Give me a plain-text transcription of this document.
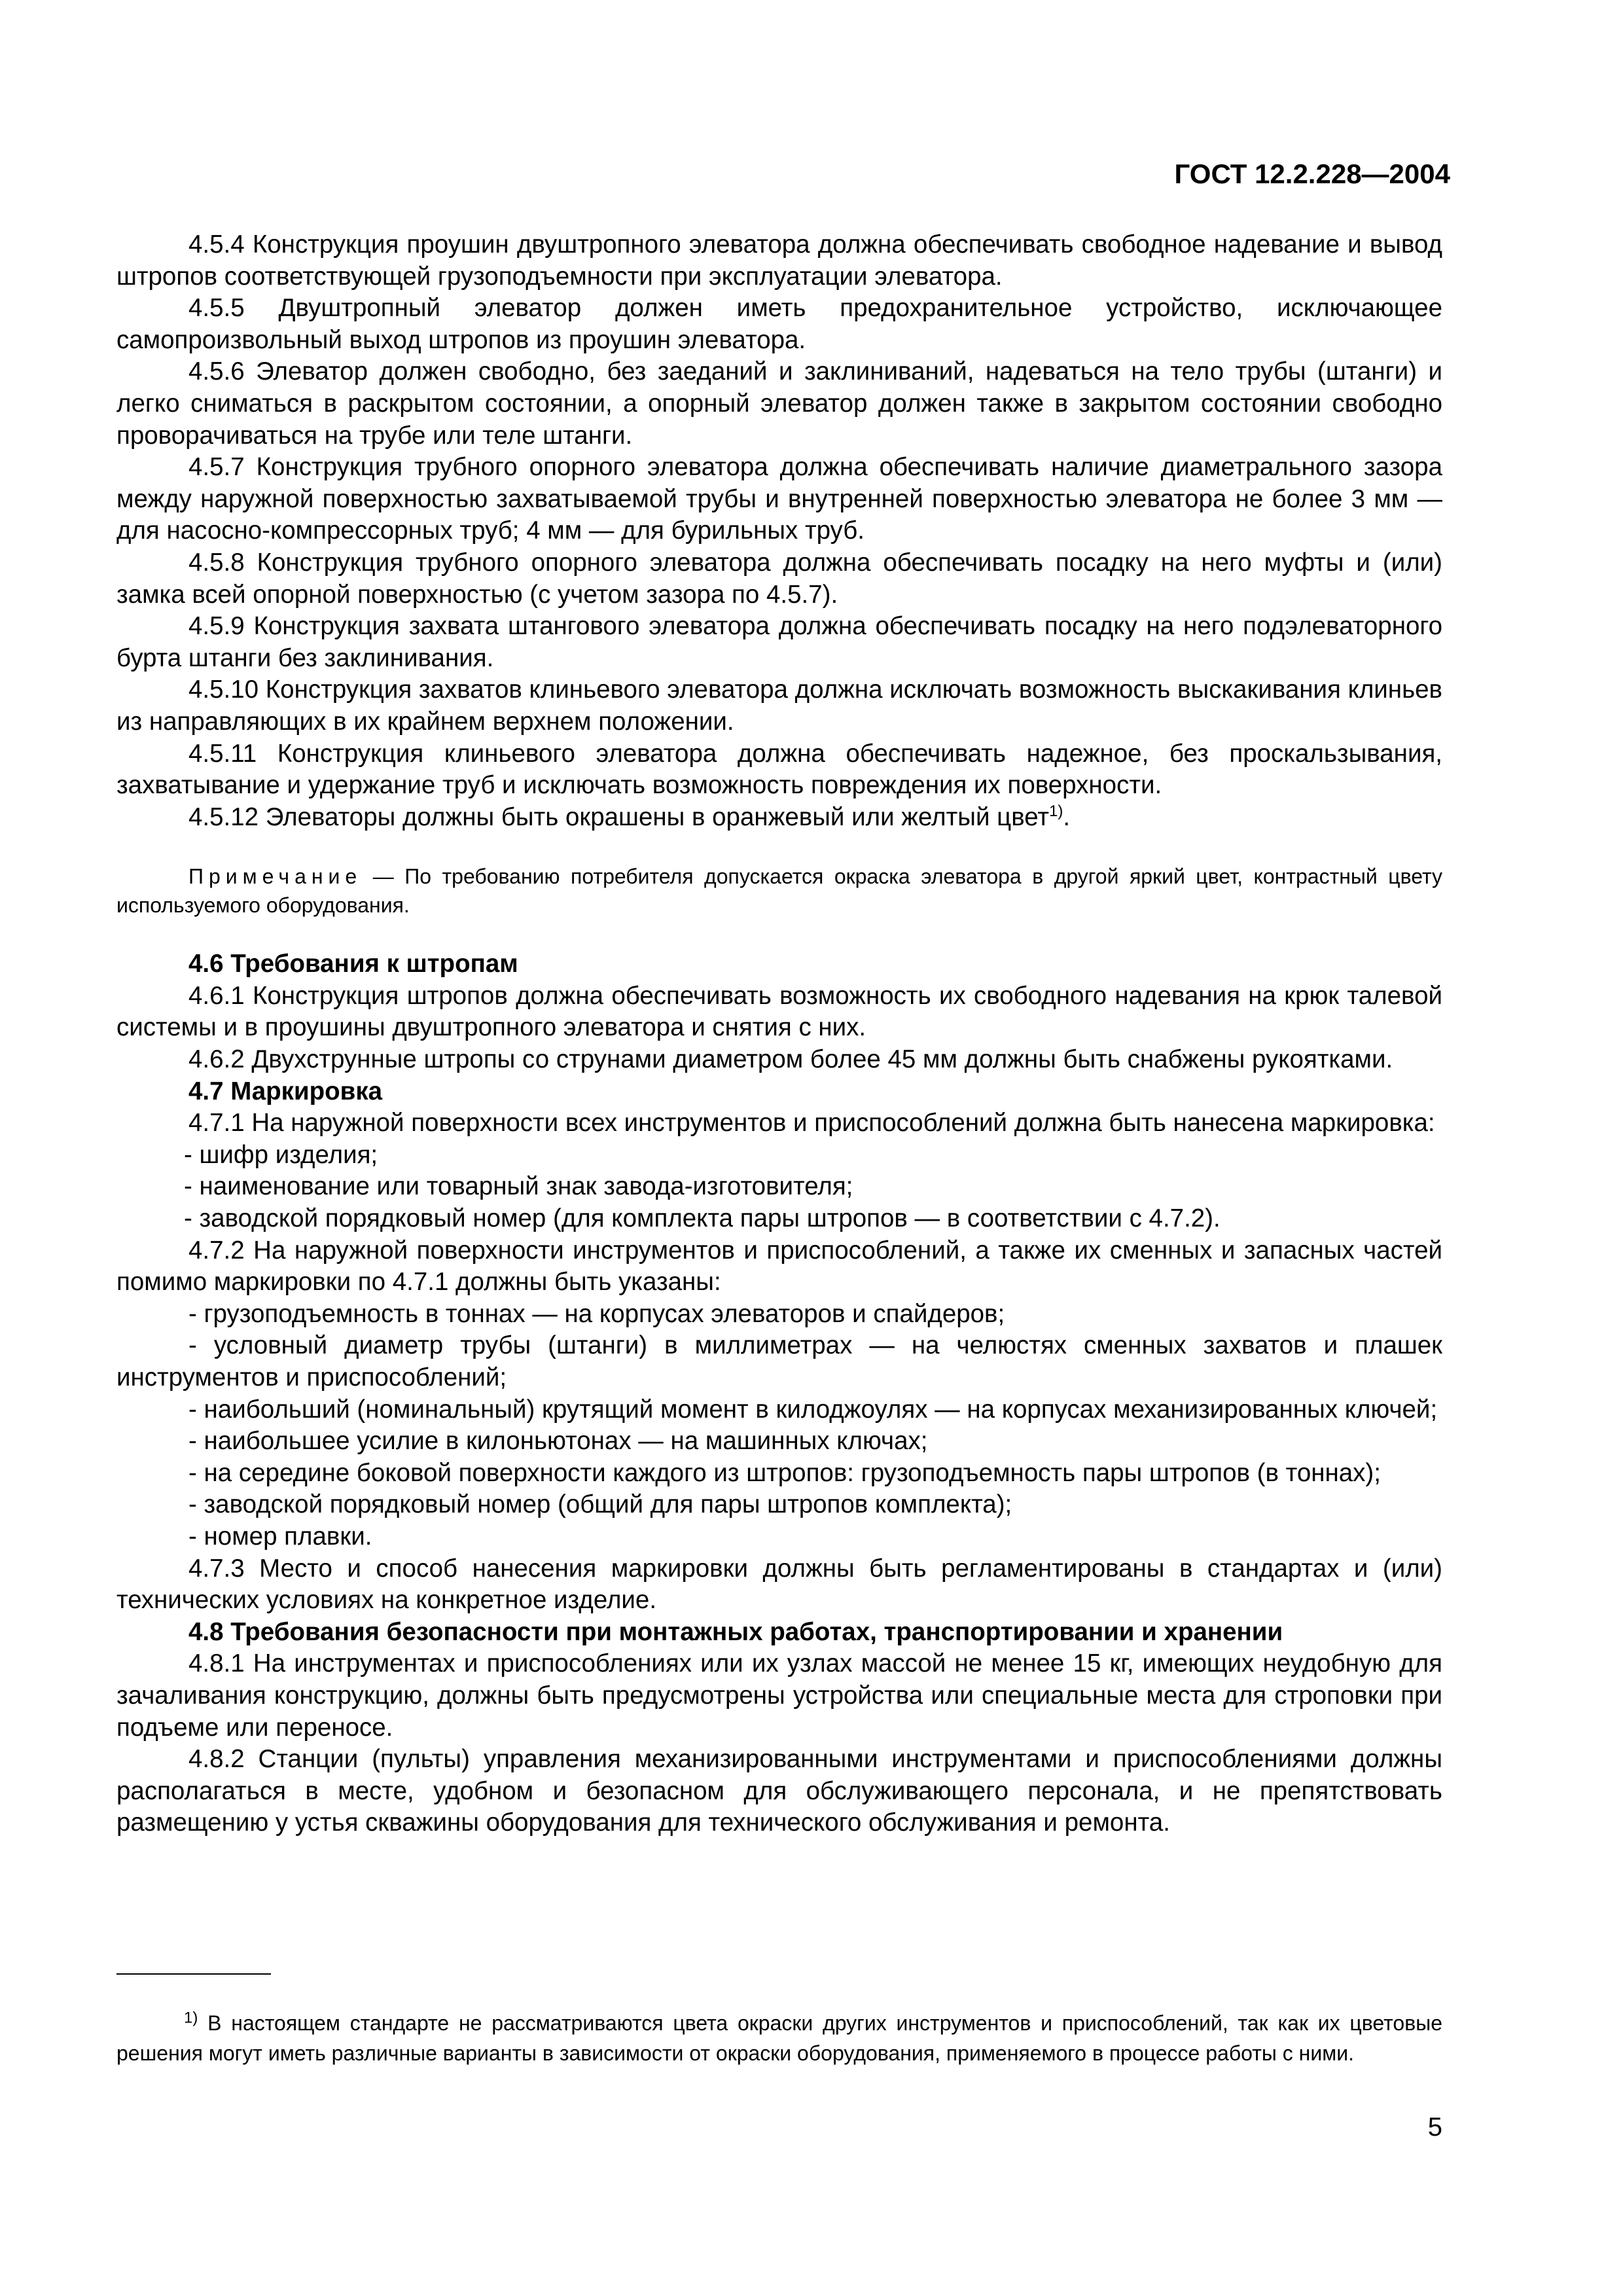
ГОСТ 12.2.228—2004

4.5.4 Конструкция проушин двуштропного элеватора должна обеспечивать свободное надевание и вывод штропов соответствующей грузоподъемности при эксплуатации элеватора.

4.5.5 Двуштропный элеватор должен иметь предохранительное устройство, исключающее самопроизвольный выход штропов из проушин элеватора.

4.5.6 Элеватор должен свободно, без заеданий и заклиниваний, надеваться на тело трубы (штанги) и легко сниматься в раскрытом состоянии, а опорный элеватор должен также в закрытом состоянии свободно проворачиваться на трубе или теле штанги.

4.5.7 Конструкция трубного опорного элеватора должна обеспечивать наличие диаметрального зазора между наружной поверхностью захватываемой трубы и внутренней поверхностью элеватора не более 3 мм — для насосно-компрессорных труб; 4 мм — для бурильных труб.

4.5.8 Конструкция трубного опорного элеватора должна обеспечивать посадку на него муфты и (или) замка всей опорной поверхностью (с учетом зазора по 4.5.7).

4.5.9 Конструкция захвата штангового элеватора должна обеспечивать посадку на него подэлеваторного бурта штанги без заклинивания.

4.5.10 Конструкция захватов клиньевого элеватора должна исключать возможность выскакивания клиньев из направляющих в их крайнем верхнем положении.

4.5.11 Конструкция клиньевого элеватора должна обеспечивать надежное, без проскальзывания, захватывание и удержание труб и исключать возможность повреждения их поверхности.

4.5.12 Элеваторы должны быть окрашены в оранжевый или желтый цвет$^{1)}$.

Примечание — По требованию потребителя допускается окраска элеватора в другой яркий цвет, контрастный цвету используемого оборудования.

4.6 Требования к штропам

4.6.1 Конструкция штропов должна обеспечивать возможность их свободного надевания на крюк талевой системы и в проушины двуштропного элеватора и снятия с них.

4.6.2 Двухструнные штропы со струнами диаметром более 45 мм должны быть снабжены рукоятками.

4.7 Маркировка

4.7.1 На наружной поверхности всех инструментов и приспособлений должна быть нанесена маркировка:

- шифр изделия;

- наименование или товарный знак завода-изготовителя;

- заводской порядковый номер (для комплекта пары штропов — в соответствии с 4.7.2).

4.7.2 На наружной поверхности инструментов и приспособлений, а также их сменных и запасных частей помимо маркировки по 4.7.1 должны быть указаны:

- грузоподъемность в тоннах — на корпусах элеваторов и спайдеров;

- условный диаметр трубы (штанги) в миллиметрах — на челюстях сменных захватов и плашек инструментов и приспособлений;

- наибольший (номинальный) крутящий момент в килоджоулях — на корпусах механизированных ключей;

- наибольшее усилие в килоньютонах — на машинных ключах;

- на середине боковой поверхности каждого из штропов: грузоподъемность пары штропов (в тоннах);

- заводской порядковый номер (общий для пары штропов комплекта);

- номер плавки.

4.7.3 Место и способ нанесения маркировки должны быть регламентированы в стандартах и (или) технических условиях на конкретное изделие.

4.8 Требования безопасности при монтажных работах, транспортировании и хранении

4.8.1 На инструментах и приспособлениях или их узлах массой не менее 15 кг, имеющих неудобную для зачаливания конструкцию, должны быть предусмотрены устройства или специальные места для строповки при подъеме или переносе.

4.8.2 Станции (пульты) управления механизированными инструментами и приспособлениями должны располагаться в месте, удобном и безопасном для обслуживающего персонала, и не препятствовать размещению у устья скважины оборудования для технического обслуживания и ремонта.

$^{1)}$ В настоящем стандарте не рассматриваются цвета окраски других инструментов и приспособлений, так как их цветовые решения могут иметь различные варианты в зависимости от окраски оборудования, применяемого в процессе работы с ними.

5
